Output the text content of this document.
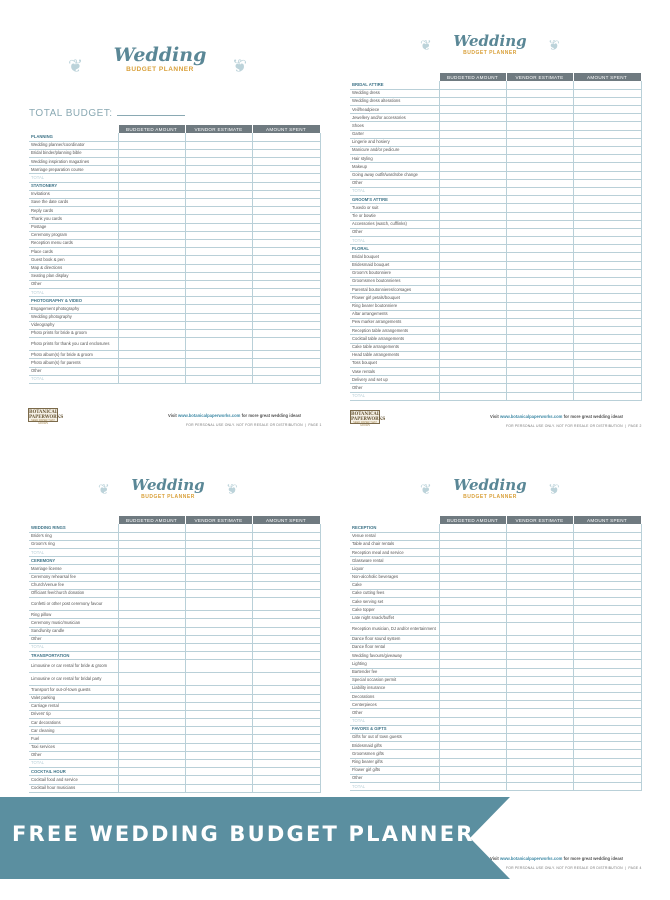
❦	❦
Wedding
BUDGET PLANNER
TOTAL BUDGET:
	BUDGETED AMOUNT	VENDOR ESTIMATE	AMOUNT SPENT
PLANNING			
Wedding planner/coordinator			
Bridal binder/planning bible			
Wedding inspiration magazines			
Marriage preparation course			
TOTAL			
STATIONERY			
Invitations			
Save the date cards			
Reply cards			
Thank you cards			
Postage			
Ceremony program			
Reception menu cards			
Place cards			
Guest book & pen			
Map & directions			
Seating plan display			
Other			
TOTAL			
PHOTOGRAPHY & VIDEO			
Engagement photography			
Wedding photography			
Videography			
Photo prints for bride & groom			
Photo prints for thank you card enclosures			
Photo album(s) for bride & groom			
Photo album(s) for parents			
Other			
TOTAL			
BOTANICAL
PAPERWORKS
SEED PAPER THAT GROWS
Visit www.botanicalpaperworks.com for more great wedding ideas!
FOR PERSONAL USE ONLY. NOT FOR RESALE OR DISTRIBUTION  |  PAGE 1
❦	❦
Wedding
BUDGET PLANNER
	BUDGETED AMOUNT	VENDOR ESTIMATE	AMOUNT SPENT
BRIDAL ATTIRE			
Wedding dress			
Wedding dress alterations			
Veil/headpiece			
Jewellery and/or accessories			
Shoes			
Garter			
Lingerie and hosiery			
Manicure and/or pedicure			
Hair styling			
Makeup			
Going away outfit/wardrobe change			
Other			
TOTAL			
GROOM'S ATTIRE			
Tuxedo or suit			
Tie or bowtie			
Accessories (watch, cufflinks)			
Other			
TOTAL			
FLORAL			
Bridal bouquet			
Bridesmaid bouquet			
Groom's boutonniere			
Groomsmen boutonnieres			
Parental boutonnieres/corsages			
Flower girl petals/bouquet			
Ring bearer boutonniere			
Altar arrangements			
Pew marker arrangements			
Reception table arrangements			
Cocktail table arrangements			
Cake table arrangements			
Head table arrangements			
Toss bouquet			
Vase rentals			
Delivery and set up			
Other			
TOTAL			
BOTANICAL
PAPERWORKS
SEED PAPER THAT GROWS
Visit www.botanicalpaperworks.com for more great wedding ideas!
FOR PERSONAL USE ONLY. NOT FOR RESALE OR DISTRIBUTION  |  PAGE 2
❦	❦
Wedding
BUDGET PLANNER
	BUDGETED AMOUNT	VENDOR ESTIMATE	AMOUNT SPENT
WEDDING RINGS			
Bride's ring			
Groom's ring			
TOTAL			
CEREMONY			
Marriage license			
Ceremony rehearsal fee			
Church/venue fee			
Officiant fee/church donation			
Confetti or other post ceremony favour			
Ring pillow			
Ceremony music/musician			
Sand/unity candle			
Other			
TOTAL			
TRANSPORTATION			
Limousine or car rental for bride & groom			
Limousine or car rental for bridal party			
Transport for out-of-town guests			
Valet parking			
Carriage rental			
Drivers' tip			
Car decorations			
Car cleaning			
Fuel			
Taxi services			
Other			
TOTAL			
COCKTAIL HOUR			
Cocktail food and service			
Cocktail hour musicians			
❦	❦
Wedding
BUDGET PLANNER
	BUDGETED AMOUNT	VENDOR ESTIMATE	AMOUNT SPENT
RECEPTION			
Venue rental			
Table and chair rentals			
Reception meal and service			
Glassware rental			
Liquor			
Non-alcoholic beverages			
Cake			
Cake cutting fees			
Cake serving set			
Cake topper			
Late night snack/buffet			
Reception musician, DJ and/or entertainment			
Dance floor sound system			
Dance floor rental			
Wedding favours/giveaway			
Lighting			
Bartender fee			
Special occasion permit			
Liability insurance			
Decorations			
Centerpieces			
Other			
TOTAL			
FAVORS & GIFTS			
Gifts for out of town guests			
Bridesmaid gifts			
Groomsmen gifts			
Ring bearer gifts			
Flower girl gifts			
Other			
TOTAL			
Visit www.botanicalpaperworks.com for more great wedding ideas!
FOR PERSONAL USE ONLY. NOT FOR RESALE OR DISTRIBUTION  |  PAGE 4
FREE WEDDING BUDGET PLANNER
